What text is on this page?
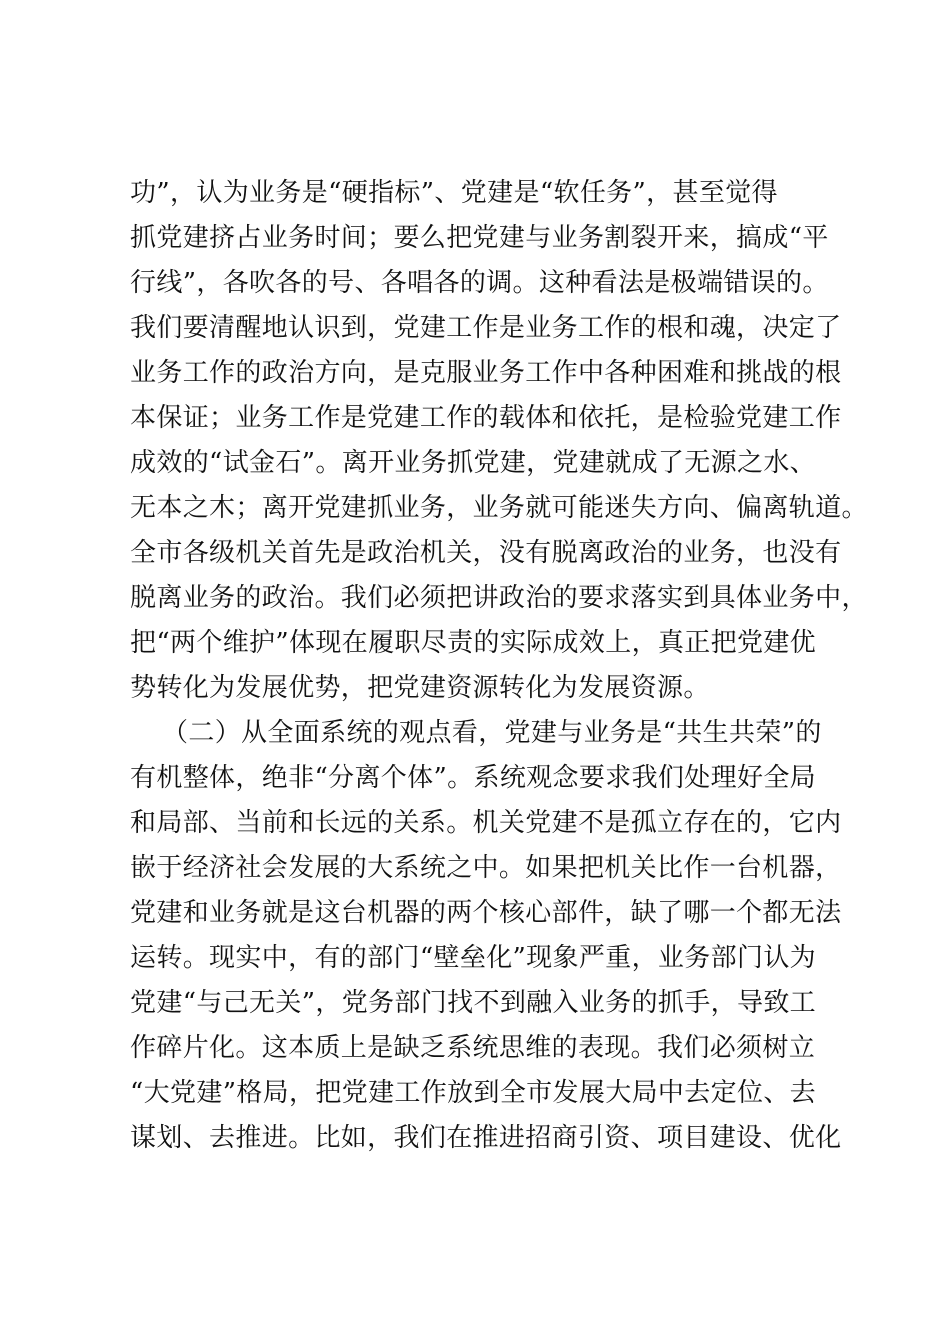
功”，认为业务是“硬指标”、党建是“软任务”，甚至觉得
抓党建挤占业务时间；要么把党建与业务割裂开来，搞成“平
行线”，各吹各的号、各唱各的调。这种看法是极端错误的。
我们要清醒地认识到，党建工作是业务工作的根和魂，决定了
业务工作的政治方向，是克服业务工作中各种困难和挑战的根
本保证；业务工作是党建工作的载体和依托，是检验党建工作
成效的“试金石”。离开业务抓党建，党建就成了无源之水、
无本之木；离开党建抓业务，业务就可能迷失方向、偏离轨道。
全市各级机关首先是政治机关，没有脱离政治的业务，也没有
脱离业务的政治。我们必须把讲政治的要求落实到具体业务中，
把“两个维护”体现在履职尽责的实际成效上，真正把党建优
势转化为发展优势，把党建资源转化为发展资源。
（二）从全面系统的观点看，党建与业务是“共生共荣”的
有机整体，绝非“分离个体”。系统观念要求我们处理好全局
和局部、当前和长远的关系。机关党建不是孤立存在的，它内
嵌于经济社会发展的大系统之中。如果把机关比作一台机器，
党建和业务就是这台机器的两个核心部件，缺了哪一个都无法
运转。现实中，有的部门“壁垒化”现象严重，业务部门认为
党建“与己无关”，党务部门找不到融入业务的抓手，导致工
作碎片化。这本质上是缺乏系统思维的表现。我们必须树立
“大党建”格局，把党建工作放到全市发展大局中去定位、去
谋划、去推进。比如，我们在推进招商引资、项目建设、优化
